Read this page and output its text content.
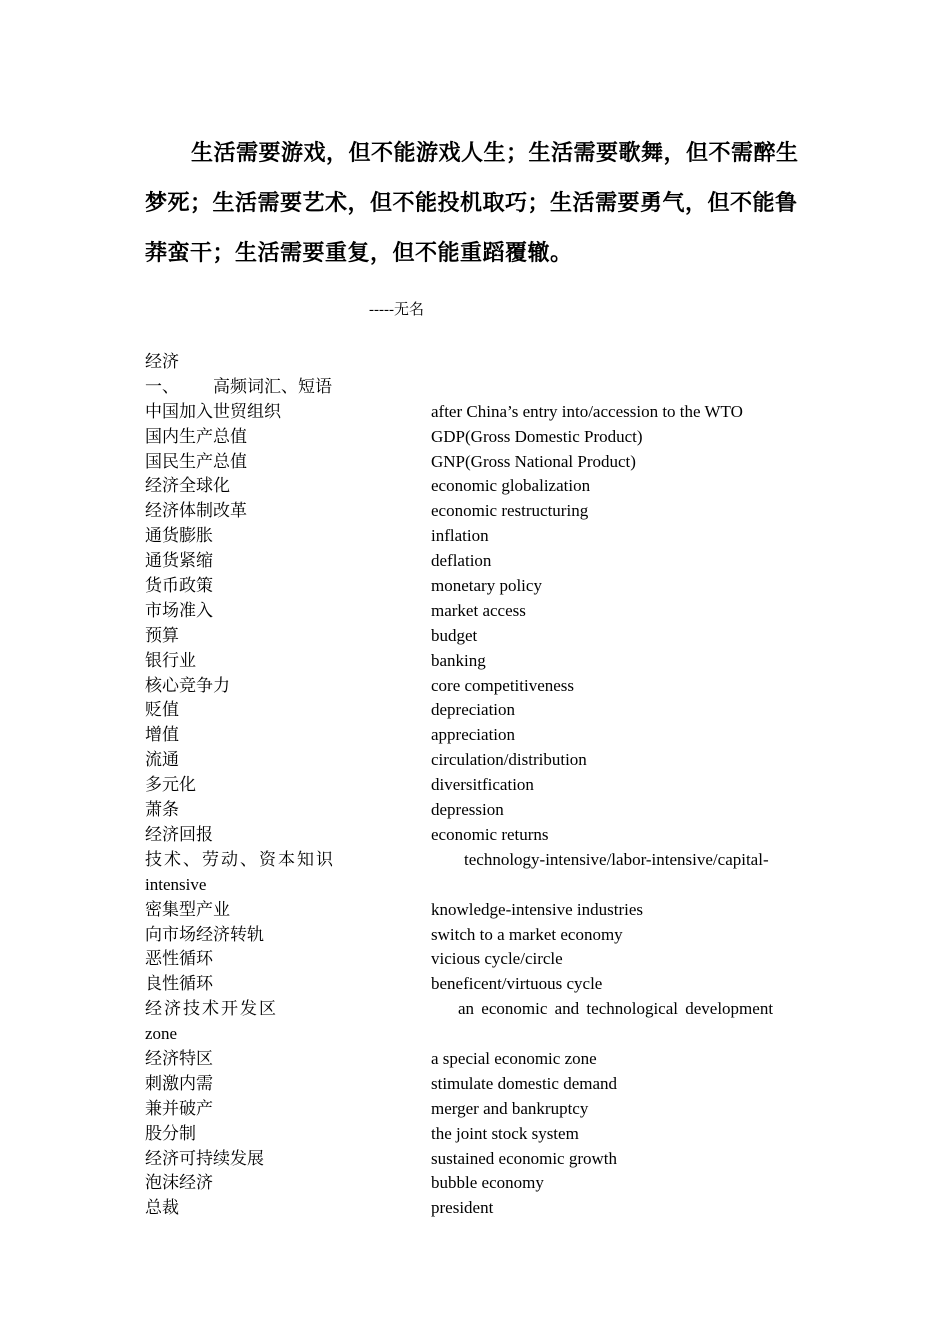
生活需要游戏，但不能游戏人生；生活需要歌舞，但不需醉生梦死；生活需要艺术，但不能投机取巧；生活需要勇气，但不能鲁莽蛮干；生活需要重复，但不能重蹈覆辙。

-----无名

经济
一、 高频词汇、短语
中国加入世贸组织	after China’s entry into/accession to the WTO
国内生产总值	GDP(Gross Domestic Product)
国民生产总值	GNP(Gross National Product)
经济全球化	economic globalization
经济体制改革	economic restructuring
通货膨胀	inflation
通货紧缩	deflation
货币政策	monetary policy
市场准入	market access
预算	budget
银行业	banking
核心竞争力	core competitiveness
贬值	depreciation
增值	appreciation
流通	circulation/distribution
多元化	diversitfication
萧条	depression
经济回报	economic returns
技术、劳动、资本知识	technology-intensive/labor-intensive/capital-
intensive
密集型产业	knowledge-intensive industries
向市场经济转轨	switch to a market economy
恶性循环	vicious cycle/circle
良性循环	beneficent/virtuous cycle
经济技术开发区	an economic and technological development
zone
经济特区	a special economic zone
刺激内需	stimulate domestic demand
兼并破产	merger and bankruptcy
股分制	the joint stock system
经济可持续发展	sustained economic growth
泡沫经济	bubble economy
总裁	president
